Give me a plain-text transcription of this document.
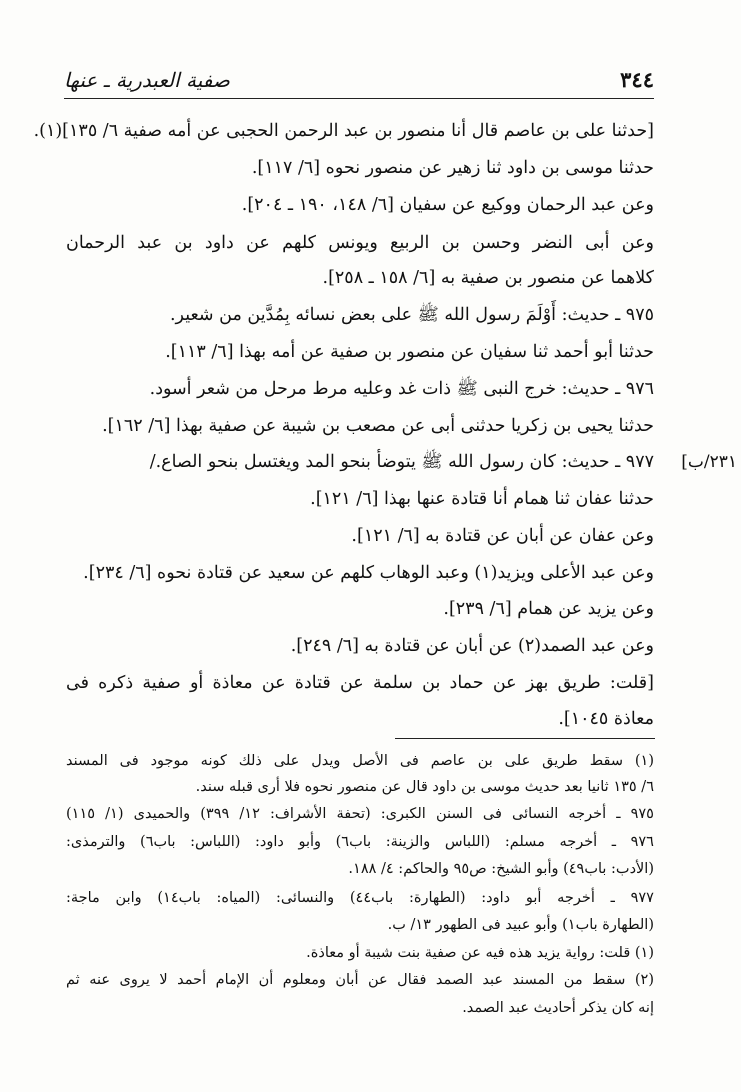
٣٤٤
صفية العبدرية ـ عنها
[حدثنا على بن عاصم قال أنا منصور بن عبد الرحمن الحجبى عن أمه صفية ٦/ ١٣٥](١).
حدثنا موسى بن داود ثنا زهير عن منصور نحوه [٦/ ١١٧].
وعن عبد الرحمان ووكيع عن سفيان [٦/ ١٤٨، ١٩٠ ـ ٢٠٤].
وعن أبى النضر وحسن بن الربيع ويونس كلهم عن داود بن عبد الرحمان
كلاهما عن منصور بن صفية به [٦/ ١٥٨ ـ ٢٥٨].
٩٧٥ ـ حديث: أَوْلَمَ رسول الله ﷺ على بعض نسائه بِمُدَّين من شعير.
حدثنا أبو أحمد ثنا سفيان عن منصور بن صفية عن أمه بهذا [٦/ ١١٣].
٩٧٦ ـ حديث: خرج النبى ﷺ ذات غد وعليه مرط مرحل من شعر أسود.
حدثنا يحيى بن زكريا حدثنى أبى عن مصعب بن شيبة عن صفية بهذا [٦/ ١٦٢].
٩٧٧ ـ حديث: كان رسول الله ﷺ يتوضأ بنحو المد ويغتسل بنحو الصاع./	٢٣١/ب]
حدثنا عفان ثنا همام أنا قتادة عنها بهذا [٦/ ١٢١].
وعن عفان عن أبان عن قتادة به [٦/ ١٢١].
وعن عبد الأعلى ويزيد(١) وعبد الوهاب كلهم عن سعيد عن قتادة نحوه [٦/ ٢٣٤].
وعن يزيد عن همام [٦/ ٢٣٩].
وعن عبد الصمد(٢) عن أبان عن قتادة به [٦/ ٢٤٩].
[قلت: طريق بهز عن حماد بن سلمة عن قتادة عن معاذة أو صفية ذكره فى
معاذة ١٠٤٥].
(١) سقط طريق على بن عاصم فى الأصل ويدل على ذلك كونه موجود فى المسند
٦/ ١٣٥ ثانيا بعد حديث موسى بن داود قال عن منصور نحوه فلا أرى قبله سند.
٩٧٥ ـ أخرجه النسائى فى السنن الكبرى: (تحفة الأشراف: ١٢/ ٣٩٩) والحميدى (١/ ١١٥)
٩٧٦ ـ أخرجه مسلم: (اللباس والزينة: باب٦) وأبو داود: (اللباس: باب٦) والترمذى:
(الأدب: باب٤٩) وأبو الشيخ: ص٩٥ والحاكم: ٤/ ١٨٨.
٩٧٧ ـ أخرجه أبو داود: (الطهارة: باب٤٤) والنسائى: (المياه: باب١٤) وابن ماجة:
(الطهارة باب١) وأبو عبيد فى الطهور ١٣/ ب.
(١) قلت: رواية يزيد هذه فيه عن صفية بنت شيبة أو معاذة.
(٢) سقط من المسند عبد الصمد فقال عن أبان ومعلوم أن الإمام أحمد لا يروى عنه ثم
إنه كان يذكر أحاديث عبد الصمد.
